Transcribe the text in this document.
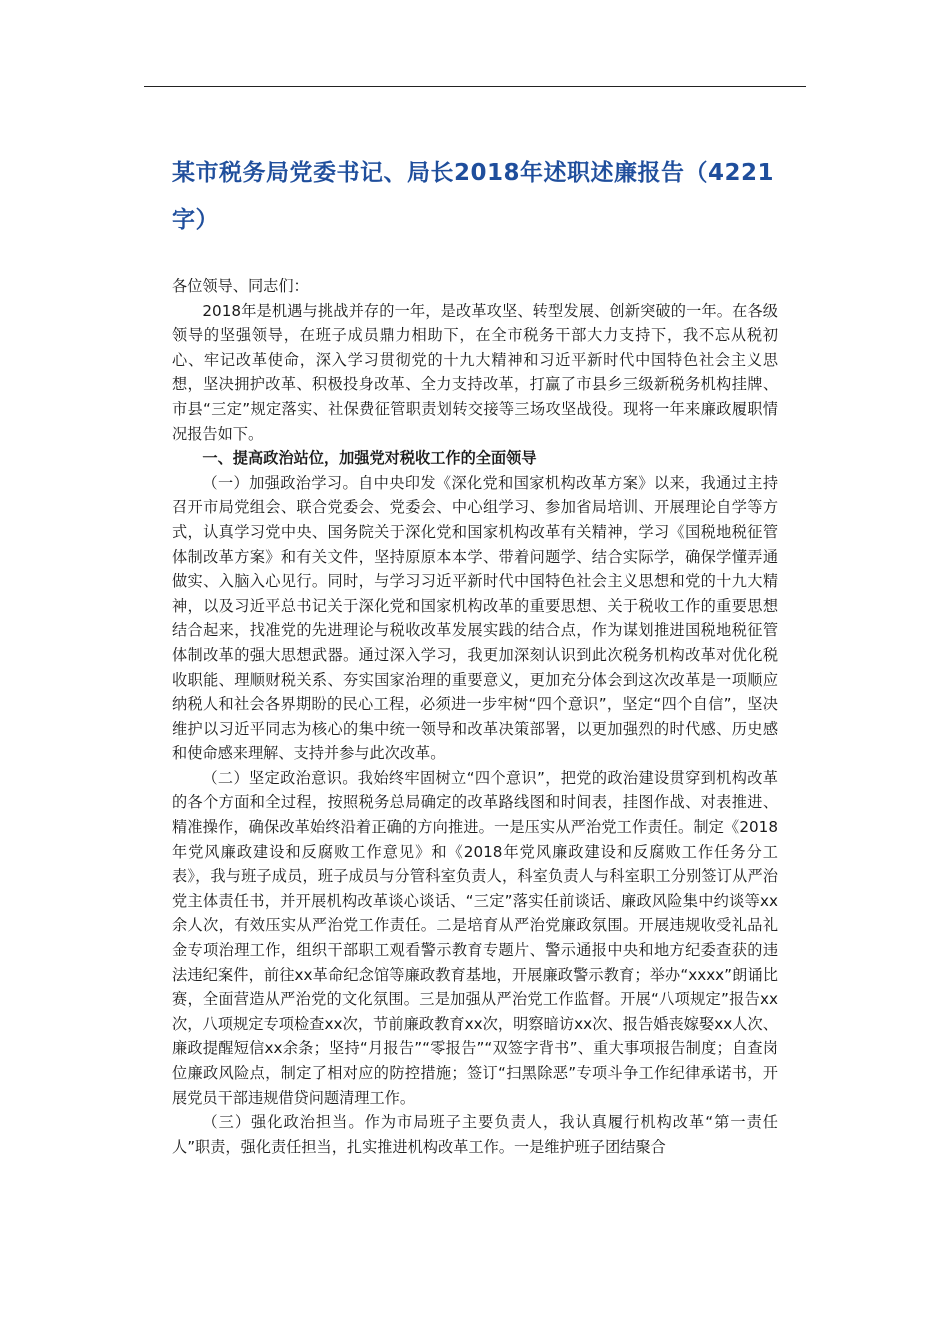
某市税务局党委书记、局长2018年述职述廉报告（4221字）

各位领导、同志们：

2018年是机遇与挑战并存的一年，是改革攻坚、转型发展、创新突破的一年。在各级领导的坚强领导，在班子成员鼎力相助下，在全市税务干部大力支持下，我不忘从税初心、牢记改革使命，深入学习贯彻党的十九大精神和习近平新时代中国特色社会主义思想，坚决拥护改革、积极投身改革、全力支持改革，打赢了市县乡三级新税务机构挂牌、市县“三定”规定落实、社保费征管职责划转交接等三场攻坚战役。现将一年来廉政履职情况报告如下。

一、提高政治站位，加强党对税收工作的全面领导

（一）加强政治学习。自中央印发《深化党和国家机构改革方案》以来，我通过主持召开市局党组会、联合党委会、党委会、中心组学习、参加省局培训、开展理论自学等方式，认真学习党中央、国务院关于深化党和国家机构改革有关精神，学习《国税地税征管体制改革方案》和有关文件，坚持原原本本学、带着问题学、结合实际学，确保学懂弄通做实、入脑入心见行。同时，与学习习近平新时代中国特色社会主义思想和党的十九大精神，以及习近平总书记关于深化党和国家机构改革的重要思想、关于税收工作的重要思想结合起来，找准党的先进理论与税收改革发展实践的结合点，作为谋划推进国税地税征管体制改革的强大思想武器。通过深入学习，我更加深刻认识到此次税务机构改革对优化税收职能、理顺财税关系、夯实国家治理的重要意义，更加充分体会到这次改革是一项顺应纳税人和社会各界期盼的民心工程，必须进一步牢树“四个意识”，坚定“四个自信”，坚决维护以习近平同志为核心的集中统一领导和改革决策部署，以更加强烈的时代感、历史感和使命感来理解、支持并参与此次改革。

（二）坚定政治意识。我始终牢固树立“四个意识”，把党的政治建设贯穿到机构改革的各个方面和全过程，按照税务总局确定的改革路线图和时间表，挂图作战、对表推进、精准操作，确保改革始终沿着正确的方向推进。一是压实从严治党工作责任。制定《2018年党风廉政建设和反腐败工作意见》和《2018年党风廉政建设和反腐败工作任务分工表》，我与班子成员，班子成员与分管科室负责人，科室负责人与科室职工分别签订从严治党主体责任书，并开展机构改革谈心谈话、“三定”落实任前谈话、廉政风险集中约谈等xx余人次，有效压实从严治党工作责任。二是培育从严治党廉政氛围。开展违规收受礼品礼金专项治理工作，组织干部职工观看警示教育专题片、警示通报中央和地方纪委查获的违法违纪案件，前往xx革命纪念馆等廉政教育基地，开展廉政警示教育；举办“xxxx”朗诵比赛，全面营造从严治党的文化氛围。三是加强从严治党工作监督。开展“八项规定”报告xx次，八项规定专项检查xx次，节前廉政教育xx次，明察暗访xx次、报告婚丧嫁娶xx人次、廉政提醒短信xx余条；坚持“月报告”“零报告”“双签字背书”、重大事项报告制度；自查岗位廉政风险点，制定了相对应的防控措施；签订“扫黑除恶”专项斗争工作纪律承诺书，开展党员干部违规借贷问题清理工作。

（三）强化政治担当。作为市局班子主要负责人，我认真履行机构改革“第一责任人”职责，强化责任担当，扎实推进机构改革工作。一是维护班子团结聚合
